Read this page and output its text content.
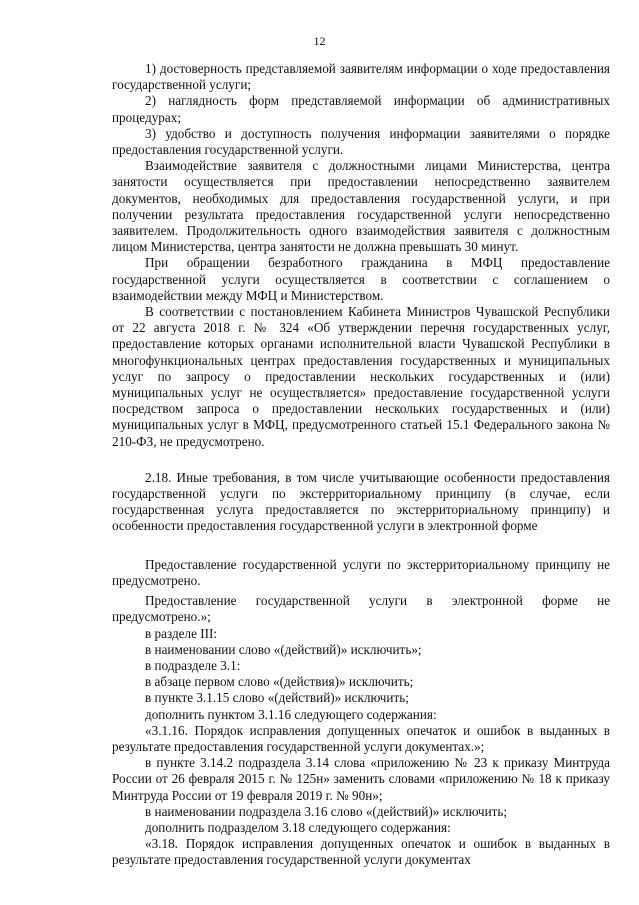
12

1) достоверность представляемой заявителям информации о ходе предоставления государственной услуги;

2) наглядность форм представляемой информации об административных процедурах;

3) удобство и доступность получения информации заявителями о порядке предоставления государственной услуги.

Взаимодействие заявителя с должностными лицами Министерства, центра занятости осуществляется при предоставлении непосредственно заявителем документов, необходимых для предоставления государственной услуги, и при получении результата предоставления государственной услуги непосредственно заявителем. Продолжительность одного взаимодействия заявителя с должностным лицом Министерства, центра занятости не должна превышать 30 минут.

При обращении безработного гражданина в МФЦ предоставление государственной услуги осуществляется в соответствии с соглашением о взаимодействии между МФЦ и Министерством.

В соответствии с постановлением Кабинета Министров Чувашской Республики от 22 августа 2018 г. № 324 «Об утверждении перечня государственных услуг, предоставление которых органами исполнительной власти Чувашской Республики в многофункциональных центрах предоставления государственных и муниципальных услуг по запросу о предоставлении нескольких государственных и (или) муниципальных услуг не осуществляется» предоставление государственной услуги посредством запроса о предоставлении нескольких государственных и (или) муниципальных услуг в МФЦ, предусмотренного статьей 15.1 Федерального закона № 210-ФЗ, не предусмотрено.

2.18. Иные требования, в том числе учитывающие особенности предоставления государственной услуги по экстерриториальному принципу (в случае, если государственная услуга предоставляется по экстерриториальному принципу) и особенности предоставления государственной услуги в электронной форме

Предоставление государственной услуги по экстерриториальному принципу не предусмотрено.

Предоставление государственной услуги в электронной форме не предусмотрено.»;

в разделе III:

в наименовании слово «(действий)» исключить»;

в подразделе 3.1:

в абзаце первом слово «(действия)» исключить;

в пункте 3.1.15 слово «(действий)» исключить;

дополнить пунктом 3.1.16 следующего содержания:

«3.1.16. Порядок исправления допущенных опечаток и ошибок в выданных в результате предоставления государственной услуги документах.»;

в пункте 3.14.2 подраздела 3.14 слова «приложению № 23 к приказу Минтруда России от 26 февраля 2015 г. № 125н» заменить словами «приложению № 18 к приказу Минтруда России от 19 февраля 2019 г. № 90н»;

в наименовании подраздела 3.16 слово «(действий)» исключить;

дополнить подразделом 3.18 следующего содержания:

«3.18. Порядок исправления допущенных опечаток и ошибок в выданных в результате предоставления государственной услуги документах
